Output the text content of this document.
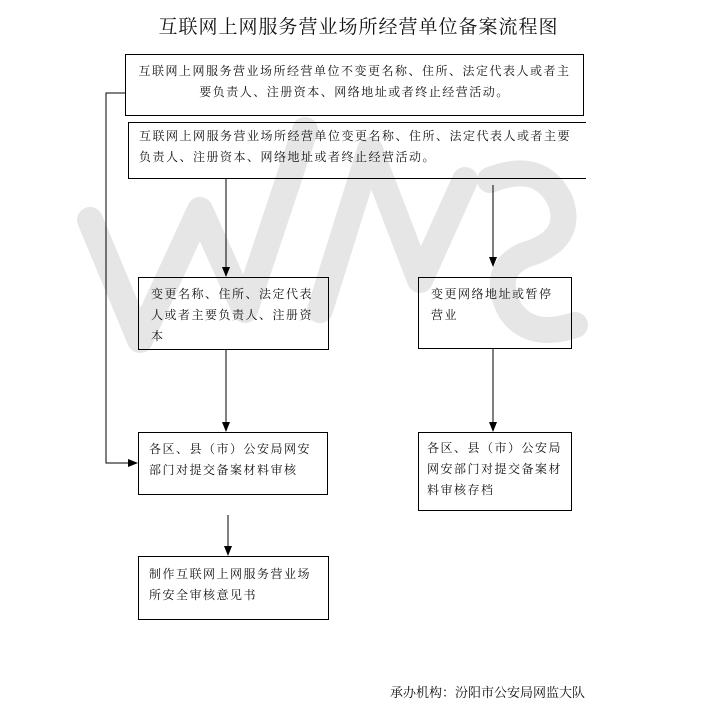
互联网上网服务营业场所经营单位备案流程图
互联网上网服务营业场所经营单位不变更名称、住所、法定代表人或者主要负责人、注册资本、网络地址或者终止经营活动。
互联网上网服务营业场所经营单位变更名称、住所、法定代表人或者主要负责人、注册资本、网络地址或者终止经营活动。
变更名称、住所、法定代表人或者主要负责人、注册资本
变更网络地址或暂停营业
各区、县（市）公安局网安部门对提交备案材料审核
各区、县（市）公安局网安部门对提交备案材料审核存档
制作互联网上网服务营业场所安全审核意见书
承办机构：汾阳市公安局网监大队
